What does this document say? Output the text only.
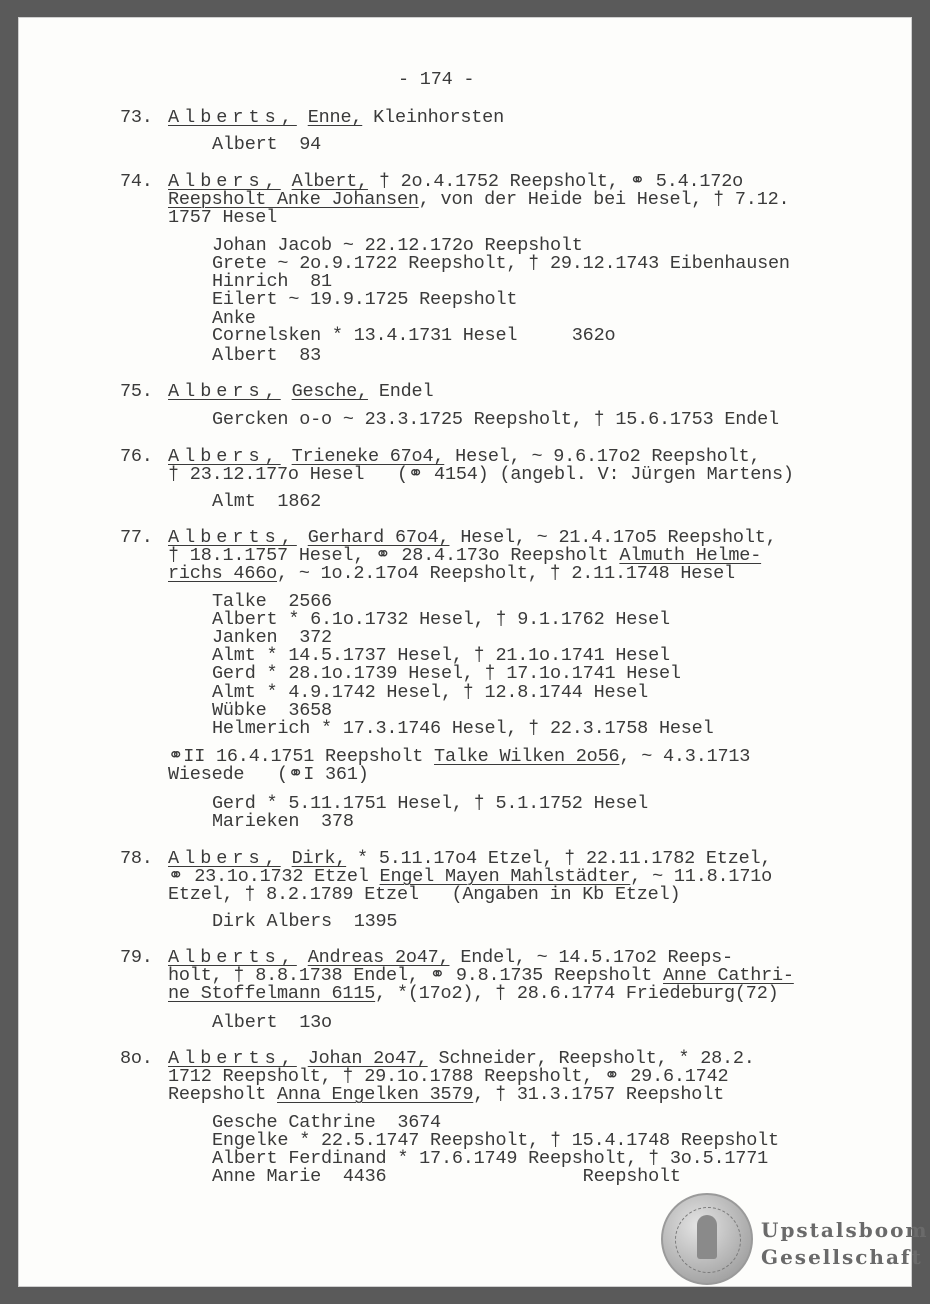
- 174 -
73. Alberts, Enne, Kleinhorsten
Albert  94
74. Albers, Albert, † 2o.4.1752 Reepsholt, ⚭ 5.4.172o
Reepsholt Anke Johansen, von der Heide bei Hesel, † 7.12.
1757 Hesel
Johan Jacob ~ 22.12.172o Reepsholt
Grete ~ 2o.9.1722 Reepsholt, † 29.12.1743 Eibenhausen
Hinrich  81
Eilert ~ 19.9.1725 Reepsholt
Anke
Cornelsken * 13.4.1731 Hesel     362o
Albert  83
75. Albers, Gesche, Endel
Gercken o-o ~ 23.3.1725 Reepsholt, † 15.6.1753 Endel
76. Albers, Trieneke 67o4, Hesel, ~ 9.6.17o2 Reepsholt,
† 23.12.177o Hesel   (⚭ 4154) (angebl. V: Jürgen Martens)
Almt  1862
77. Alberts, Gerhard 67o4, Hesel, ~ 21.4.17o5 Reepsholt,
† 18.1.1757 Hesel, ⚭ 28.4.173o Reepsholt Almuth Helme-
richs 466o, ~ 1o.2.17o4 Reepsholt, † 2.11.1748 Hesel
Talke  2566
Albert * 6.1o.1732 Hesel, † 9.1.1762 Hesel
Janken  372
Almt * 14.5.1737 Hesel, † 21.1o.1741 Hesel
Gerd * 28.1o.1739 Hesel, † 17.1o.1741 Hesel
Almt * 4.9.1742 Hesel, † 12.8.1744 Hesel
Wübke  3658
Helmerich * 17.3.1746 Hesel, † 22.3.1758 Hesel
⚭II 16.4.1751 Reepsholt Talke Wilken 2o56, ~ 4.3.1713
Wiesede   (⚭I 361)
Gerd * 5.11.1751 Hesel, † 5.1.1752 Hesel
Marieken  378
78. Albers, Dirk, * 5.11.17o4 Etzel, † 22.11.1782 Etzel,
⚭ 23.1o.1732 Etzel Engel Mayen Mahlstädter, ~ 11.8.171o
Etzel, † 8.2.1789 Etzel   (Angaben in Kb Etzel)
Dirk Albers  1395
79. Alberts, Andreas 2o47, Endel, ~ 14.5.17o2 Reeps-
holt, † 8.8.1738 Endel, ⚭ 9.8.1735 Reepsholt Anne Cathri-
ne Stoffelmann 6115, *(17o2), † 28.6.1774 Friedeburg(72)
Albert  13o
8o. Alberts, Johan 2o47, Schneider, Reepsholt, * 28.2.
1712 Reepsholt, † 29.1o.1788 Reepsholt, ⚭ 29.6.1742
Reepsholt Anna Engelken 3579, † 31.3.1757 Reepsholt
Gesche Cathrine  3674
Engelke * 22.5.1747 Reepsholt, † 15.4.1748 Reepsholt
Albert Ferdinand * 17.6.1749 Reepsholt, † 3o.5.1771
Anne Marie  4436                  Reepsholt
Upstalsboom
Gesellschaft
